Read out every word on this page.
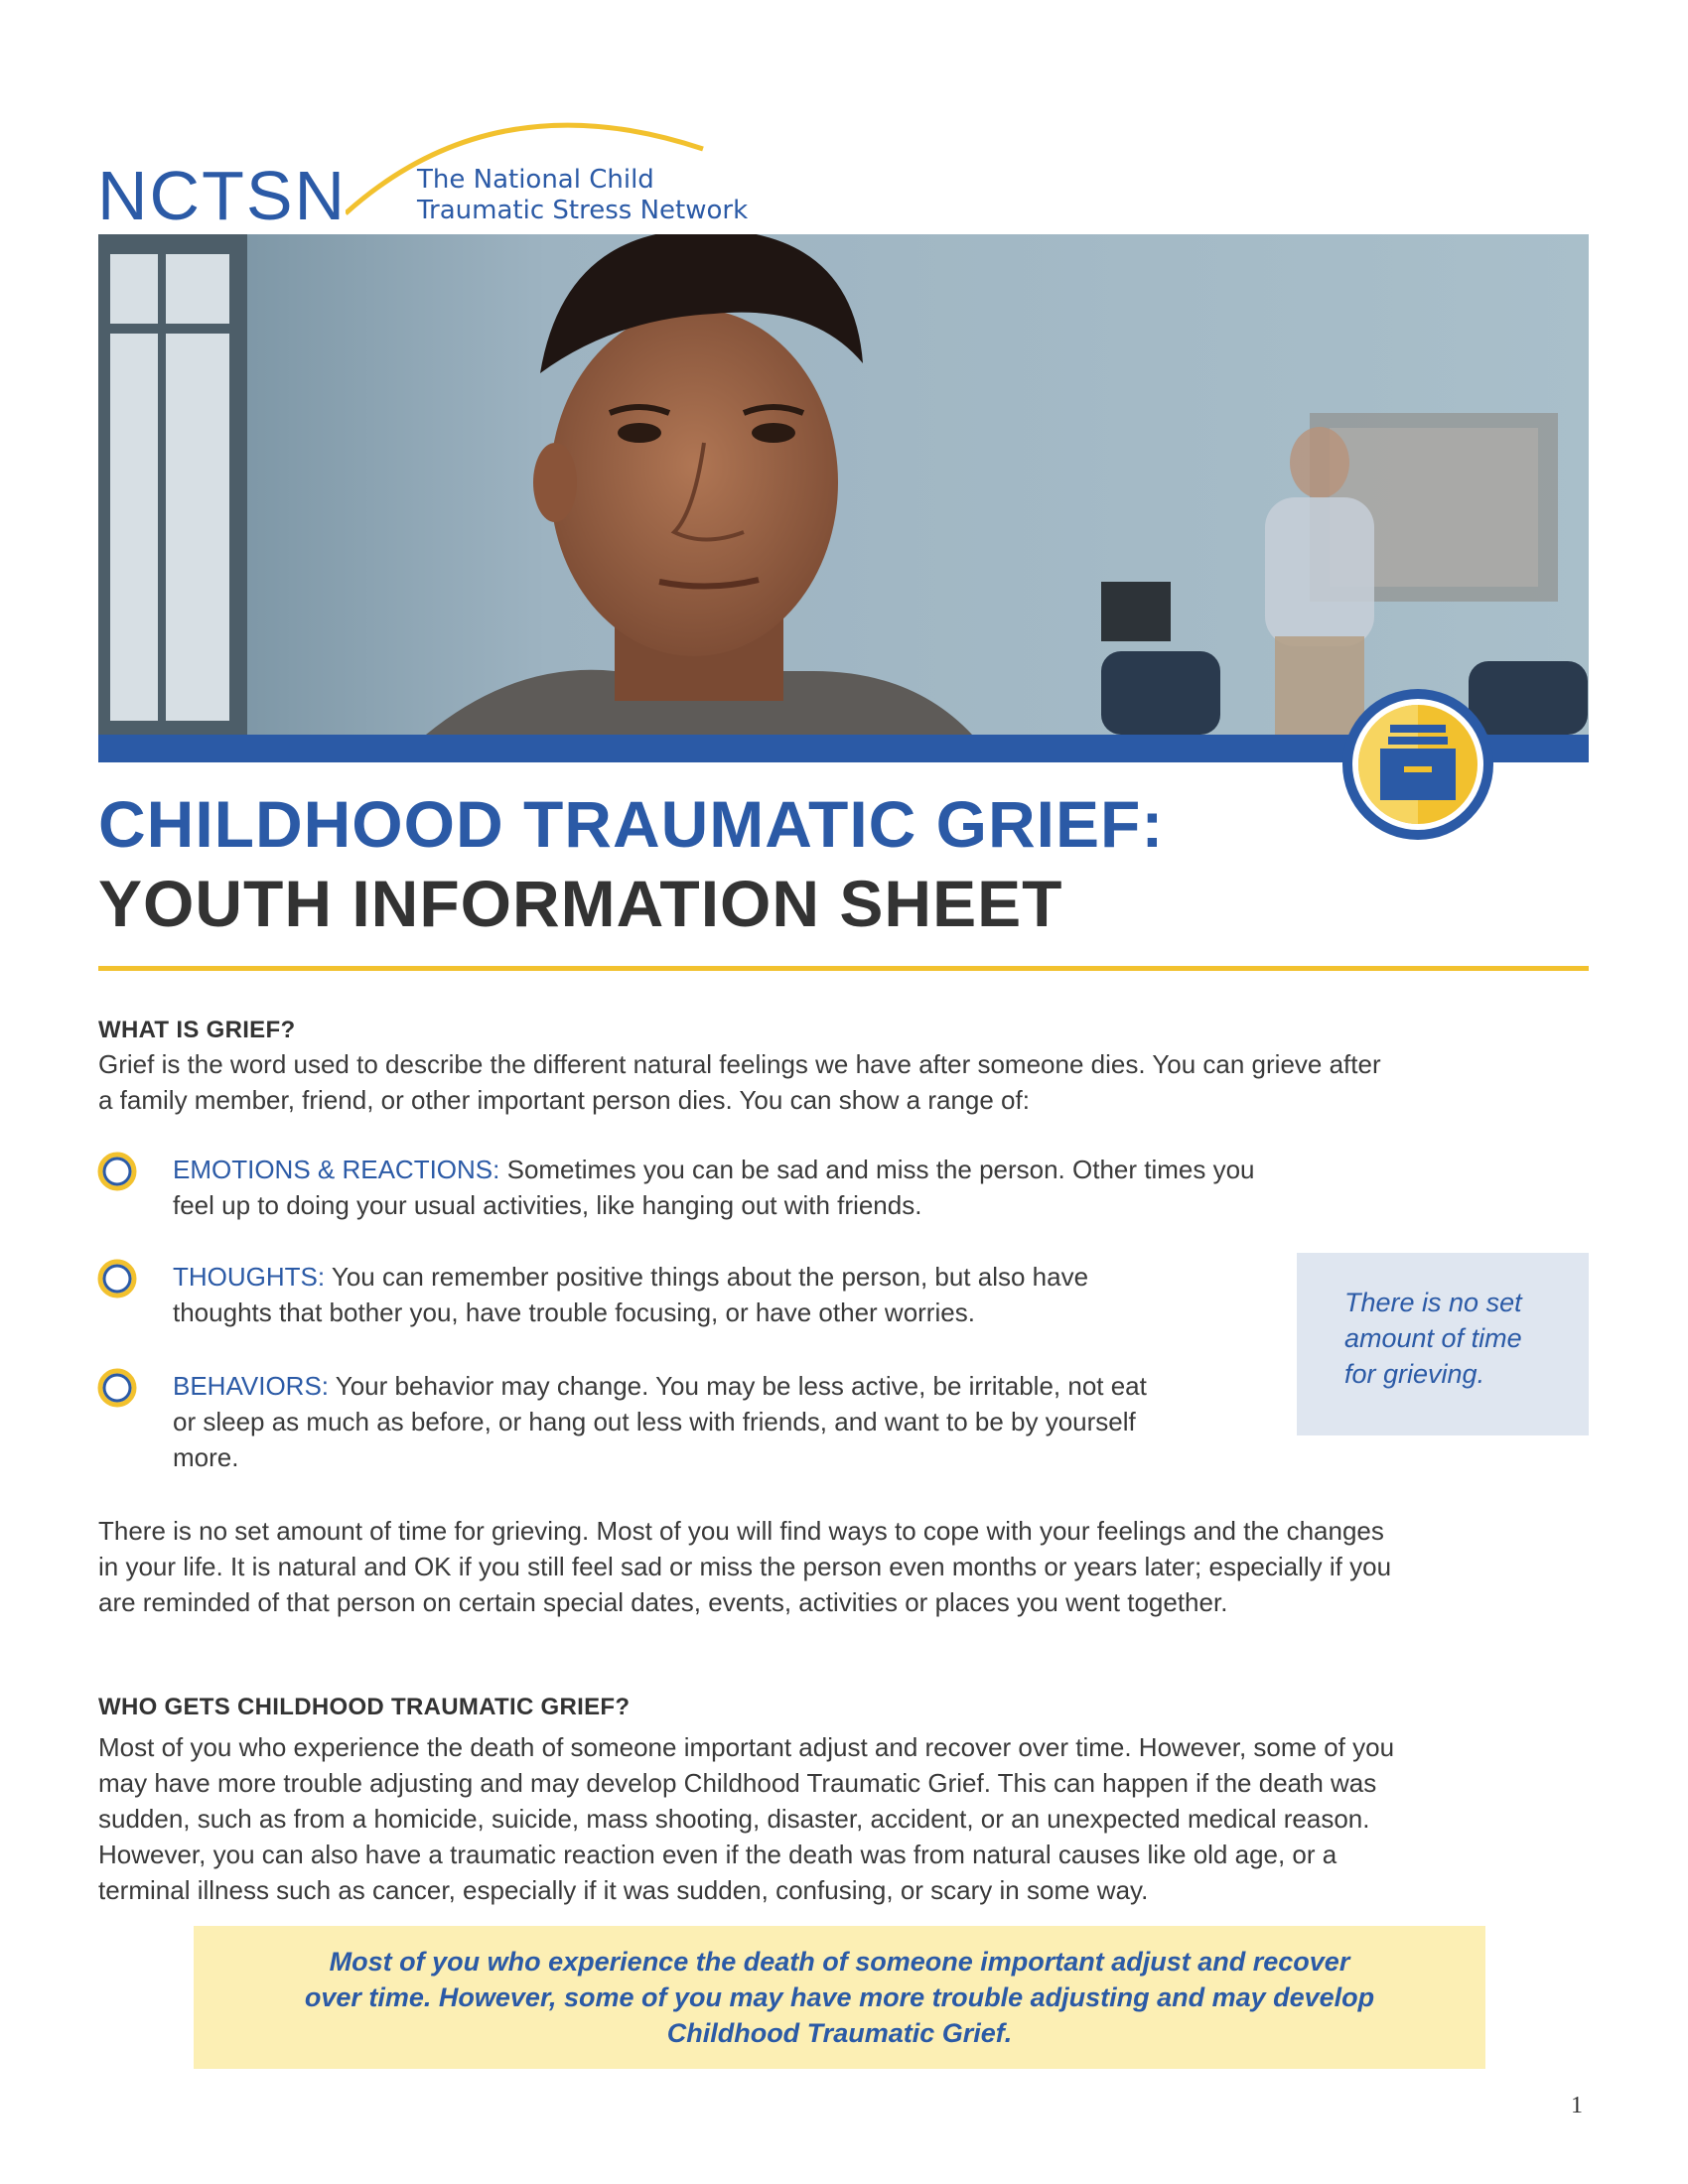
NCTSN	The National Child
Traumatic Stress Network
CHILDHOOD TRAUMATIC GRIEF:
YOUTH INFORMATION SHEET
WHAT IS GRIEF?
Grief is the word used to describe the different natural feelings we have after someone dies. You can grieve after
a family member, friend, or other important person dies. You can show a range of:
EMOTIONS & REACTIONS: Sometimes you can be sad and miss the person. Other times you
feel up to doing your usual activities, like hanging out with friends.
THOUGHTS: You can remember positive things about the person, but also have
thoughts that bother you, have trouble focusing, or have other worries.
BEHAVIORS: Your behavior may change. You may be less active, be irritable, not eat
or sleep as much as before, or hang out less with friends, and want to be by yourself
more.
There is no set
amount of time
for grieving.
There is no set amount of time for grieving. Most of you will find ways to cope with your feelings and the changes
in your life. It is natural and OK if you still feel sad or miss the person even months or years later; especially if you
are reminded of that person on certain special dates, events, activities or places you went together.
WHO GETS CHILDHOOD TRAUMATIC GRIEF?
Most of you who experience the death of someone important adjust and recover over time. However, some of you
may have more trouble adjusting and may develop Childhood Traumatic Grief. This can happen if the death was
sudden, such as from a homicide, suicide, mass shooting, disaster, accident, or an unexpected medical reason.
However, you can also have a traumatic reaction even if the death was from natural causes like old age, or a
terminal illness such as cancer, especially if it was sudden, confusing, or scary in some way.
Most of you who experience the death of someone important adjust and recover
over time. However, some of you may have more trouble adjusting and may develop
Childhood Traumatic Grief.
1
